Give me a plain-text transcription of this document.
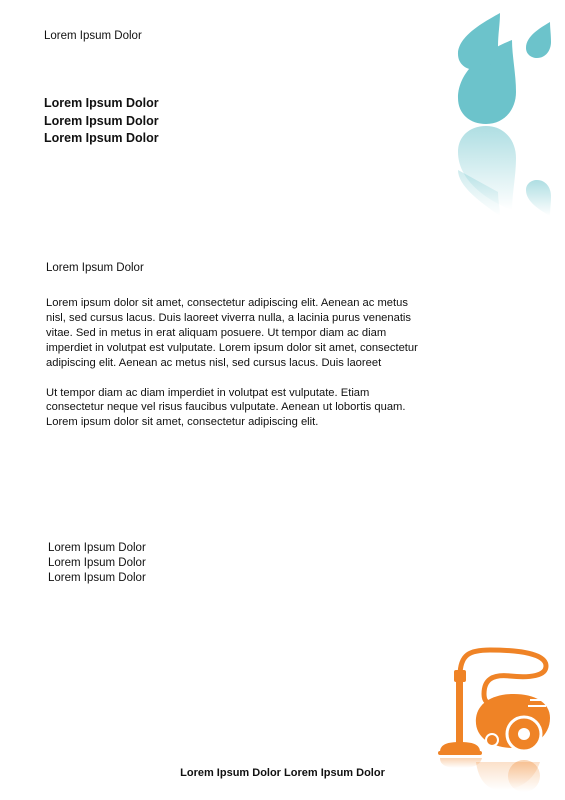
Lorem Ipsum Dolor
Lorem Ipsum Dolor
Lorem Ipsum Dolor
Lorem Ipsum Dolor
Lorem Ipsum Dolor

Lorem ipsum dolor sit amet, consectetur adipiscing elit. Aenean ac metus nisl, sed cursus lacus. Duis laoreet viverra nulla, a lacinia purus venenatis vitae. Sed in metus in erat aliquam posuere. Ut tempor diam ac diam imperdiet in volutpat est vulputate. Lorem ipsum dolor sit amet, consectetur adipiscing elit. Aenean ac metus nisl, sed cursus lacus. Duis laoreet

Ut tempor diam ac diam imperdiet in volutpat est vulputate. Etiam consectetur neque vel risus faucibus vulputate. Aenean ut lobortis quam. Lorem ipsum dolor sit amet, consectetur adipiscing elit.

Lorem Ipsum Dolor
Lorem Ipsum Dolor
Lorem Ipsum Dolor
Lorem Ipsum Dolor Lorem Ipsum Dolor
